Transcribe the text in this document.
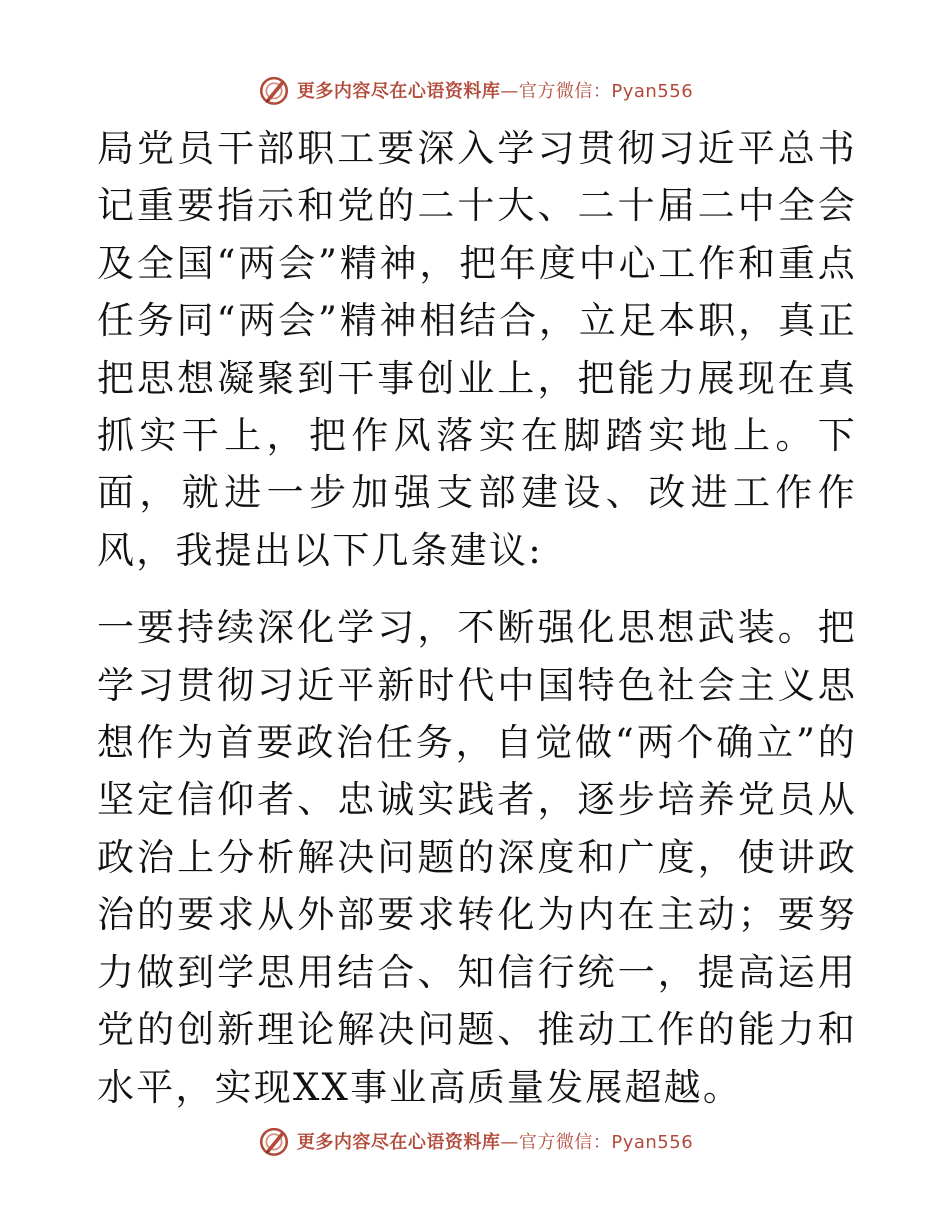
更多内容尽在心语资料库—官方微信：Pyan556

局党员干部职工要深入学习贯彻习近平总书记重要指示和党的二十大、二十届二中全会及全国“两会”精神，把年度中心工作和重点任务同“两会”精神相结合，立足本职，真正把思想凝聚到干事创业上，把能力展现在真抓实干上，把作风落实在脚踏实地上。下面，就进一步加强支部建设、改进工作作风，我提出以下几条建议:

一要持续深化学习，不断强化思想武装。把学习贯彻习近平新时代中国特色社会主义思想作为首要政治任务，自觉做“两个确立”的坚定信仰者、忠诚实践者，逐步培养党员从政治上分析解决问题的深度和广度，使讲政治的要求从外部要求转化为内在主动；要努力做到学思用结合、知信行统一，提高运用党的创新理论解决问题、推动工作的能力和水平，实现XX事业高质量发展超越。

更多内容尽在心语资料库—官方微信：Pyan556
